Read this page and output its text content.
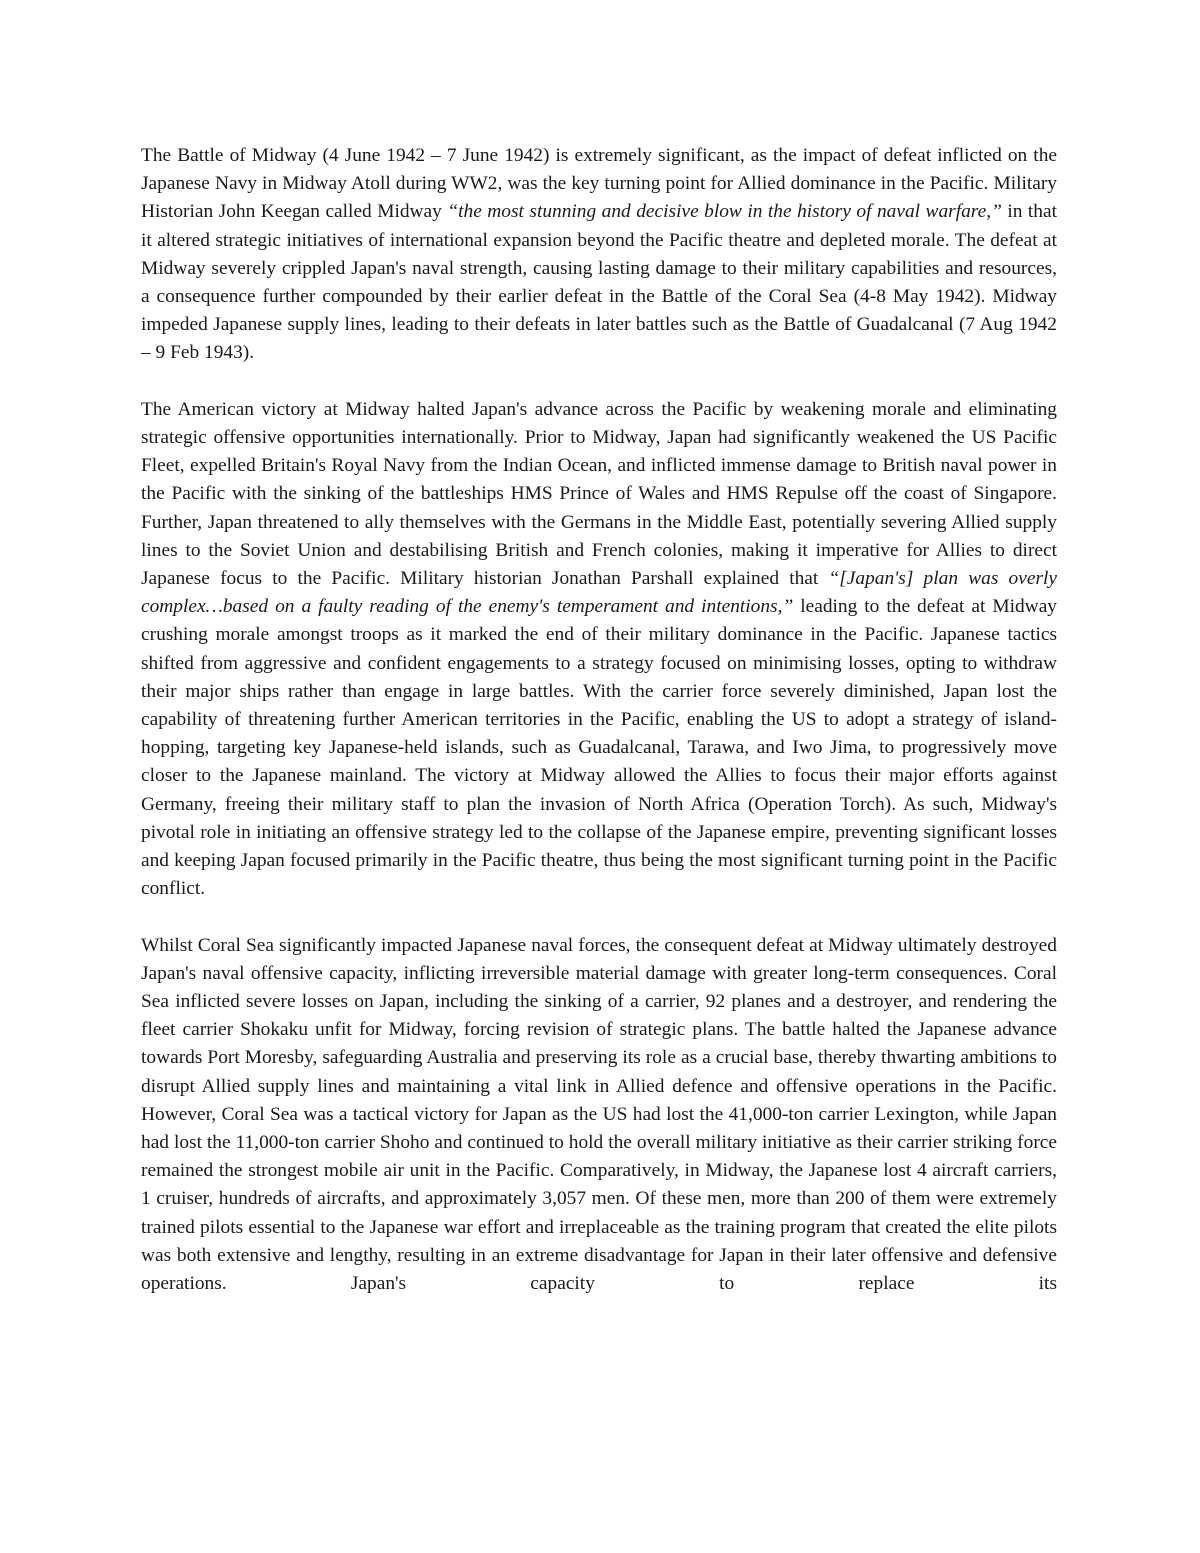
The Battle of Midway (4 June 1942 – 7 June 1942) is extremely significant, as the impact of defeat inflicted on the Japanese Navy in Midway Atoll during WW2, was the key turning point for Allied dominance in the Pacific. Military Historian John Keegan called Midway “the most stunning and decisive blow in the history of naval warfare,” in that it altered strategic initiatives of international expansion beyond the Pacific theatre and depleted morale. The defeat at Midway severely crippled Japan's naval strength, causing lasting damage to their military capabilities and resources, a consequence further compounded by their earlier defeat in the Battle of the Coral Sea (4-8 May 1942). Midway impeded Japanese supply lines, leading to their defeats in later battles such as the Battle of Guadalcanal (7 Aug 1942 – 9 Feb 1943).

The American victory at Midway halted Japan's advance across the Pacific by weakening morale and eliminating strategic offensive opportunities internationally. Prior to Midway, Japan had significantly weakened the US Pacific Fleet, expelled Britain's Royal Navy from the Indian Ocean, and inflicted immense damage to British naval power in the Pacific with the sinking of the battleships HMS Prince of Wales and HMS Repulse off the coast of Singapore. Further, Japan threatened to ally themselves with the Germans in the Middle East, potentially severing Allied supply lines to the Soviet Union and destabilising British and French colonies, making it imperative for Allies to direct Japanese focus to the Pacific. Military historian Jonathan Parshall explained that “[Japan's] plan was overly complex…based on a faulty reading of the enemy's temperament and intentions,” leading to the defeat at Midway crushing morale amongst troops as it marked the end of their military dominance in the Pacific. Japanese tactics shifted from aggressive and confident engagements to a strategy focused on minimising losses, opting to withdraw their major ships rather than engage in large battles. With the carrier force severely diminished, Japan lost the capability of threatening further American territories in the Pacific, enabling the US to adopt a strategy of island-hopping, targeting key Japanese-held islands, such as Guadalcanal, Tarawa, and Iwo Jima, to progressively move closer to the Japanese mainland. The victory at Midway allowed the Allies to focus their major efforts against Germany, freeing their military staff to plan the invasion of North Africa (Operation Torch). As such, Midway's pivotal role in initiating an offensive strategy led to the collapse of the Japanese empire, preventing significant losses and keeping Japan focused primarily in the Pacific theatre, thus being the most significant turning point in the Pacific conflict.

Whilst Coral Sea significantly impacted Japanese naval forces, the consequent defeat at Midway ultimately destroyed Japan's naval offensive capacity, inflicting irreversible material damage with greater long-term consequences. Coral Sea inflicted severe losses on Japan, including the sinking of a carrier, 92 planes and a destroyer, and rendering the fleet carrier Shokaku unfit for Midway, forcing revision of strategic plans. The battle halted the Japanese advance towards Port Moresby, safeguarding Australia and preserving its role as a crucial base, thereby thwarting ambitions to disrupt Allied supply lines and maintaining a vital link in Allied defence and offensive operations in the Pacific. However, Coral Sea was a tactical victory for Japan as the US had lost the 41,000-ton carrier Lexington, while Japan had lost the 11,000-ton carrier Shoho and continued to hold the overall military initiative as their carrier striking force remained the strongest mobile air unit in the Pacific. Comparatively, in Midway, the Japanese lost 4 aircraft carriers, 1 cruiser, hundreds of aircrafts, and approximately 3,057 men. Of these men, more than 200 of them were extremely trained pilots essential to the Japanese war effort and irreplaceable as the training program that created the elite pilots was both extensive and lengthy, resulting in an extreme disadvantage for Japan in their later offensive and defensive operations. Japan's capacity to replace its
